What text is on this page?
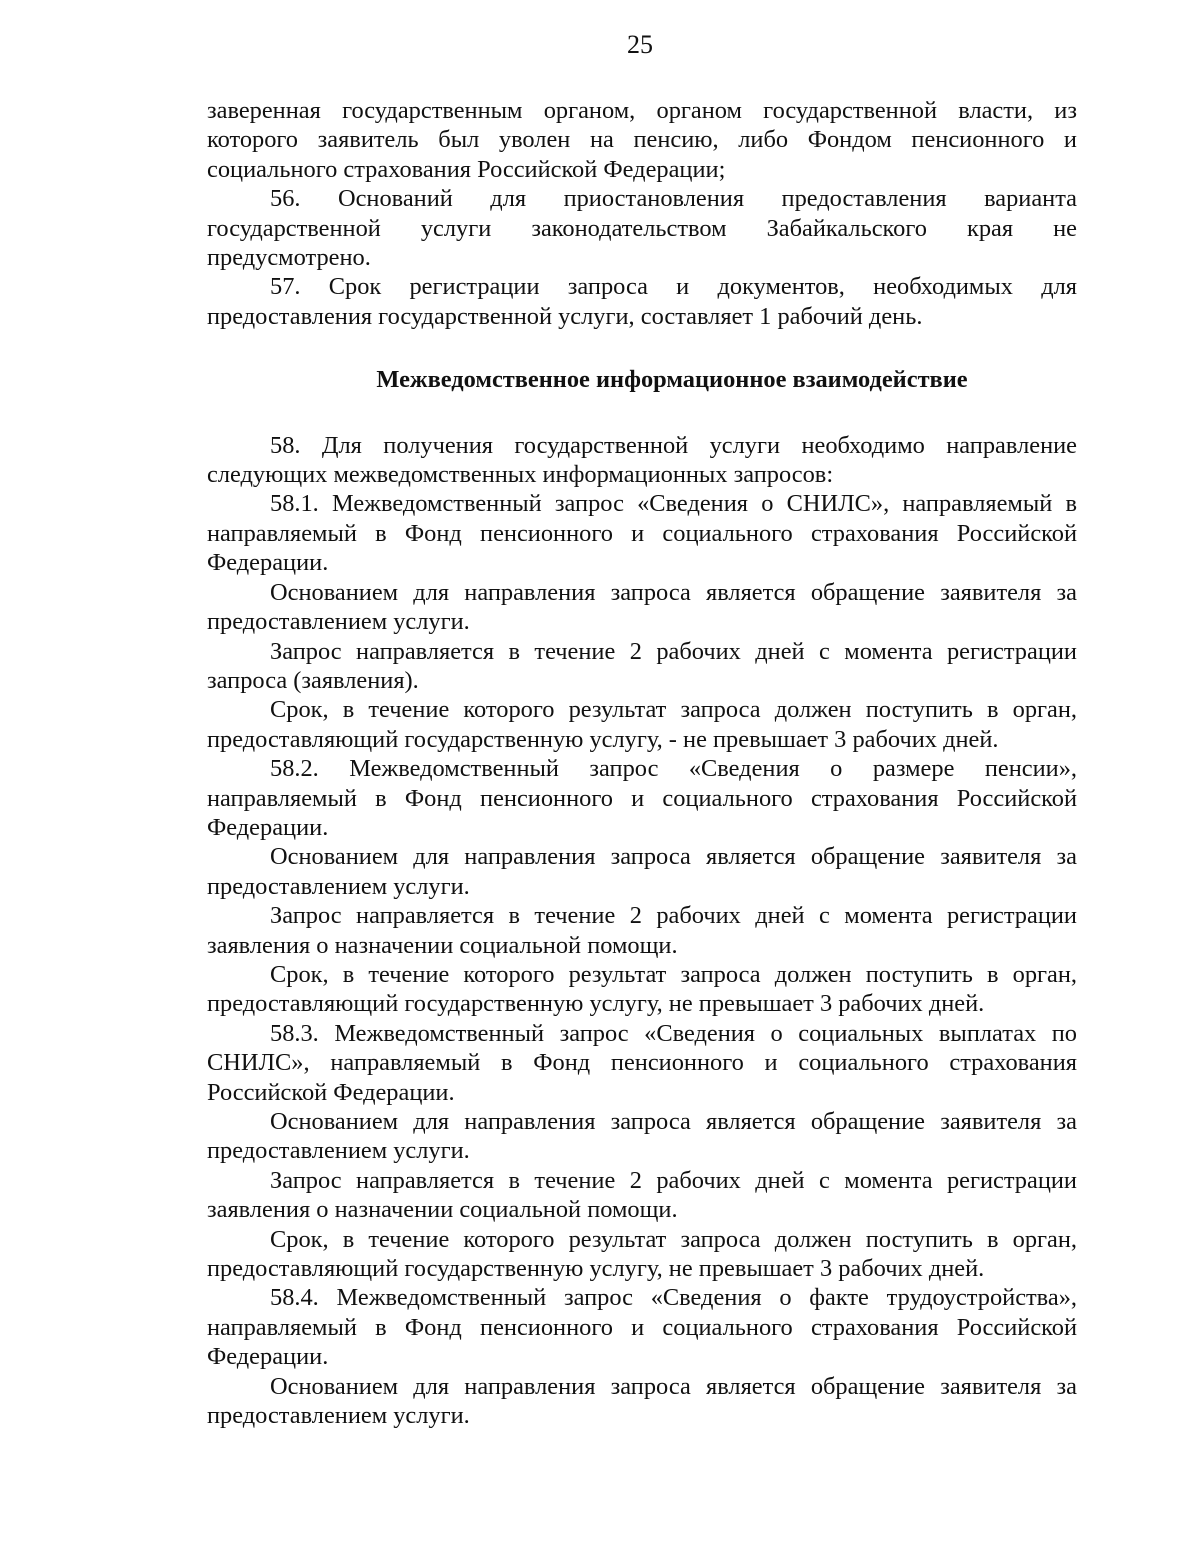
25

заверенная государственным органом, органом государственной власти, из которого заявитель был уволен на пенсию, либо Фондом пенсионного и социального страхования Российской Федерации;

56. Оснований для приостановления предоставления варианта государственной услуги законодательством Забайкальского края не предусмотрено.

57. Срок регистрации запроса и документов, необходимых для предоставления государственной услуги, составляет 1 рабочий день.

Межведомственное информационное взаимодействие

58. Для получения государственной услуги необходимо направление следующих межведомственных информационных запросов:

58.1. Межведомственный запрос «Сведения о СНИЛС», направляемый в направляемый в Фонд пенсионного и социального страхования Российской Федерации.

Основанием для направления запроса является обращение заявителя за предоставлением услуги.

Запрос направляется в течение 2 рабочих дней с момента регистрации запроса (заявления).

Срок, в течение которого результат запроса должен поступить в орган, предоставляющий государственную услугу, - не превышает 3 рабочих дней.

58.2. Межведомственный запрос «Сведения о размере пенсии», направляемый в Фонд пенсионного и социального страхования Российской Федерации.

Основанием для направления запроса является обращение заявителя за предоставлением услуги.

Запрос направляется в течение 2 рабочих дней с момента регистрации заявления о назначении социальной помощи.

Срок, в течение которого результат запроса должен поступить в орган, предоставляющий государственную услугу, не превышает 3 рабочих дней.

58.3. Межведомственный запрос «Сведения о социальных выплатах по СНИЛС», направляемый в Фонд пенсионного и социального страхования Российской Федерации.

Основанием для направления запроса является обращение заявителя за предоставлением услуги.

Запрос направляется в течение 2 рабочих дней с момента регистрации заявления о назначении социальной помощи.

Срок, в течение которого результат запроса должен поступить в орган, предоставляющий государственную услугу, не превышает 3 рабочих дней.

58.4. Межведомственный запрос «Сведения о факте трудоустройства», направляемый в Фонд пенсионного и социального страхования Российской Федерации.

Основанием для направления запроса является обращение заявителя за предоставлением услуги.
